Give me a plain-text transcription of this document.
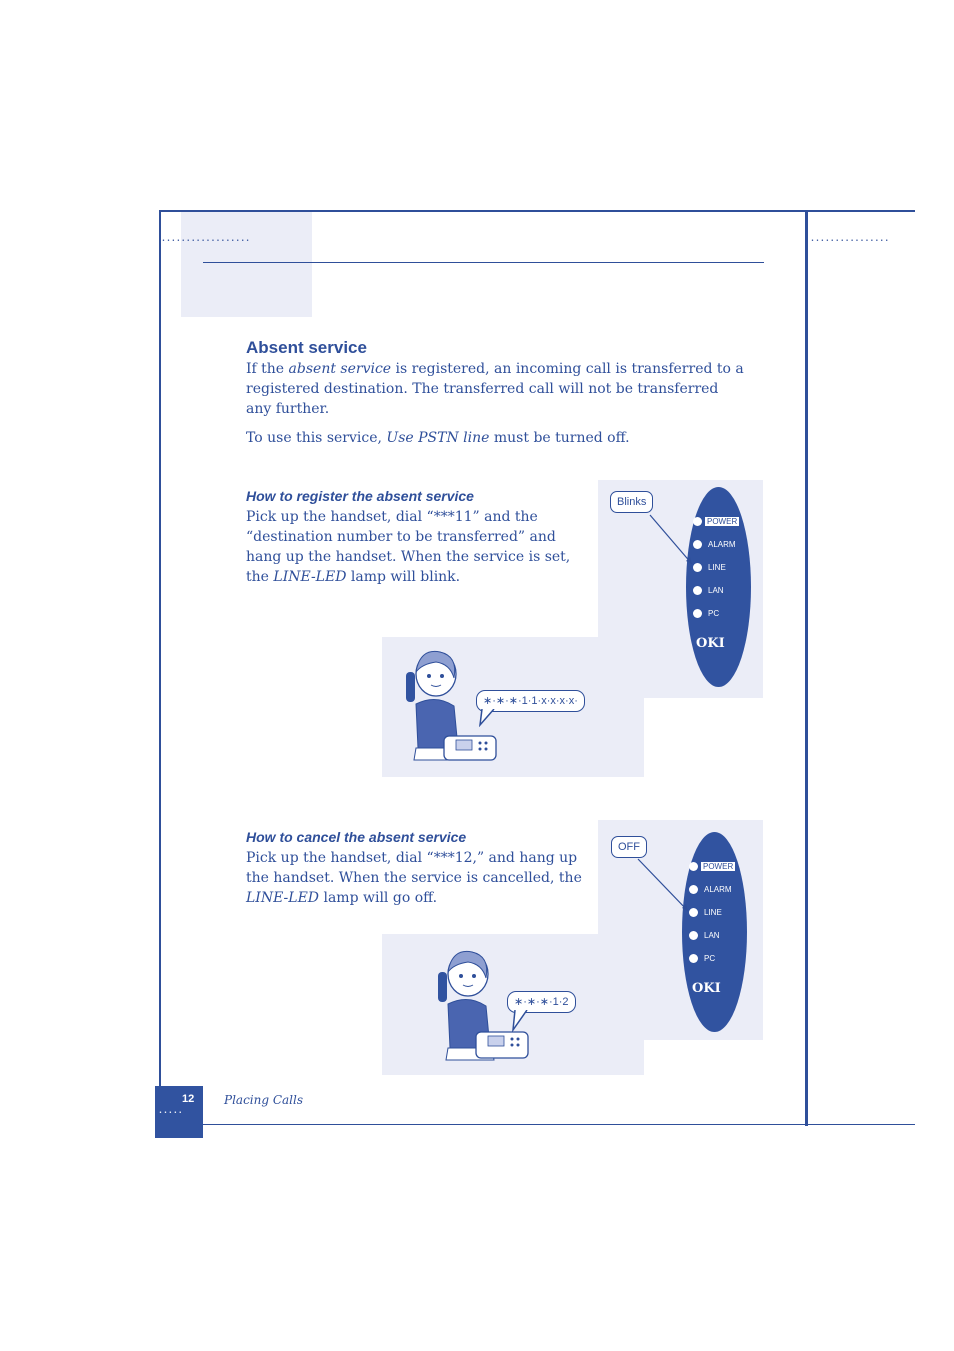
••••••••••••••••••	••••••••••••••••
Absent service

If the absent service is registered, an incoming call is transferred to a registered destination. The transferred call will not be transferred any further.

To use this service, Use PSTN line must be turned off.

How to register the absent service

Pick up the handset, dial “***11” and the “destination number to be transferred” and hang up the handset. When the service is set, the LINE-LED lamp will blink.

POWER
ALARM
LINE
LAN
PC
OKI
Blinks
∗·∗·∗·1·1·x·x·x·x·
How to cancel the absent service

Pick up the handset, dial “***12,” and hang up the handset. When the service is cancelled, the LINE-LED lamp will go off.

POWER
ALARM
LINE
LAN
PC
OKI
OFF
∗·∗·∗·1·2
12
•••••
Placing Calls
